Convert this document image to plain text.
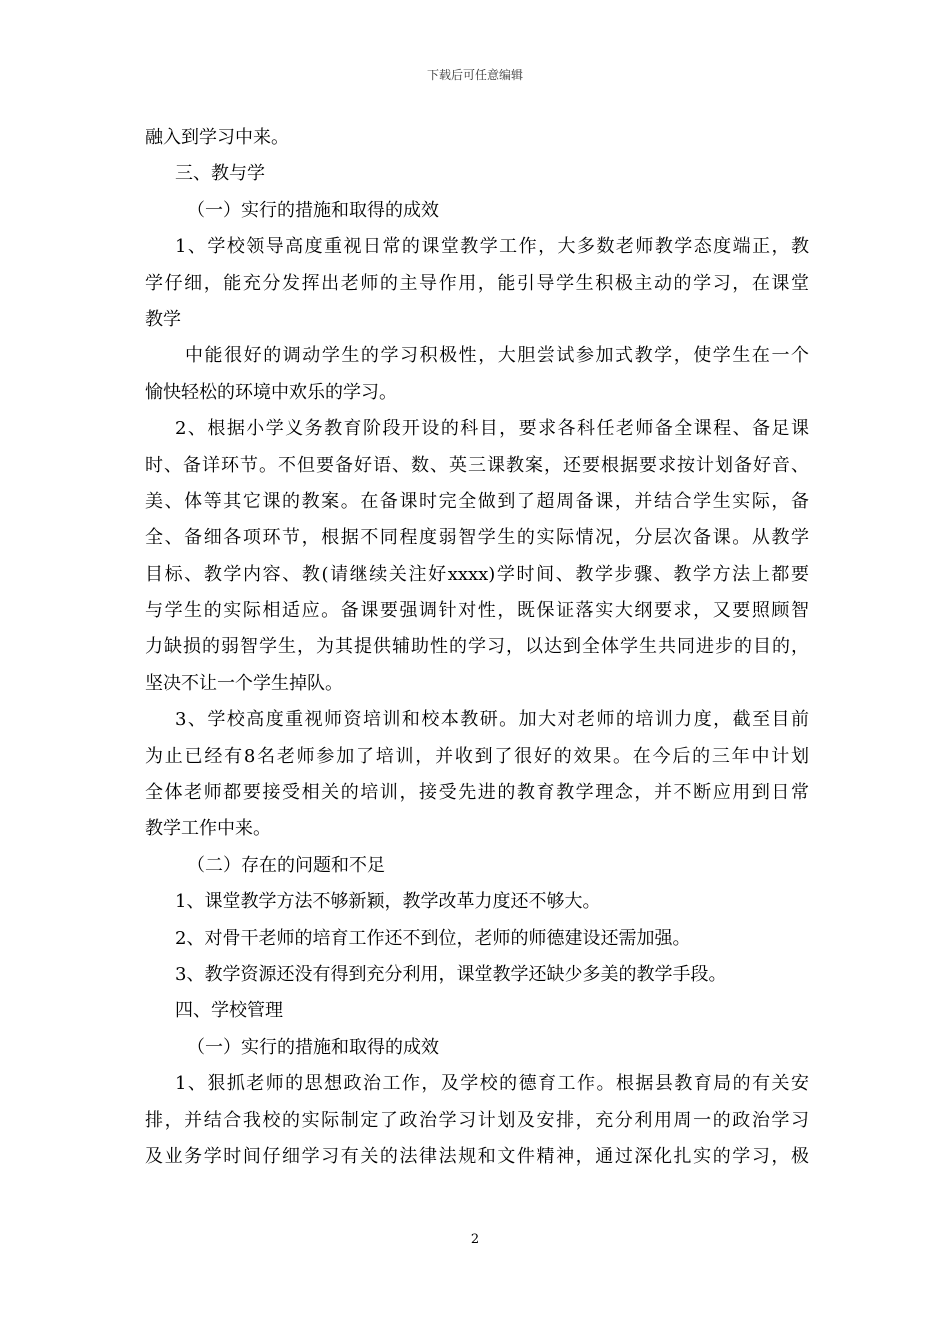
下载后可任意编辑
融入到学习中来。
三、教与学
（一）实行的措施和取得的成效
1、学校领导高度重视日常的课堂教学工作，大多数老师教学态度端正，教
学仔细，能充分发挥出老师的主导作用，能引导学生积极主动的学习，在课堂
教学
中能很好的调动学生的学习积极性，大胆尝试参加式教学，使学生在一个
愉快轻松的环境中欢乐的学习。
2、根据小学义务教育阶段开设的科目，要求各科任老师备全课程、备足课
时、备详环节。不但要备好语、数、英三课教案，还要根据要求按计划备好音、
美、体等其它课的教案。在备课时完全做到了超周备课，并结合学生实际，备
全、备细各项环节，根据不同程度弱智学生的实际情况，分层次备课。从教学
目标、教学内容、教(请继续关注好xxxx)学时间、教学步骤、教学方法上都要
与学生的实际相适应。备课要强调针对性，既保证落实大纲要求，又要照顾智
力缺损的弱智学生，为其提供辅助性的学习，以达到全体学生共同进步的目的，
坚决不让一个学生掉队。
3、学校高度重视师资培训和校本教研。加大对老师的培训力度，截至目前
为止已经有8名老师参加了培训，并收到了很好的效果。在今后的三年中计划
全体老师都要接受相关的培训，接受先进的教育教学理念，并不断应用到日常
教学工作中来。
（二）存在的问题和不足
1、课堂教学方法不够新颖，教学改革力度还不够大。
2、对骨干老师的培育工作还不到位，老师的师德建设还需加强。
3、教学资源还没有得到充分利用，课堂教学还缺少多美的教学手段。
四、学校管理
（一）实行的措施和取得的成效
1、狠抓老师的思想政治工作，及学校的德育工作。根据县教育局的有关安
排，并结合我校的实际制定了政治学习计划及安排，充分利用周一的政治学习
及业务学时间仔细学习有关的法律法规和文件精神，通过深化扎实的学习，极
2
